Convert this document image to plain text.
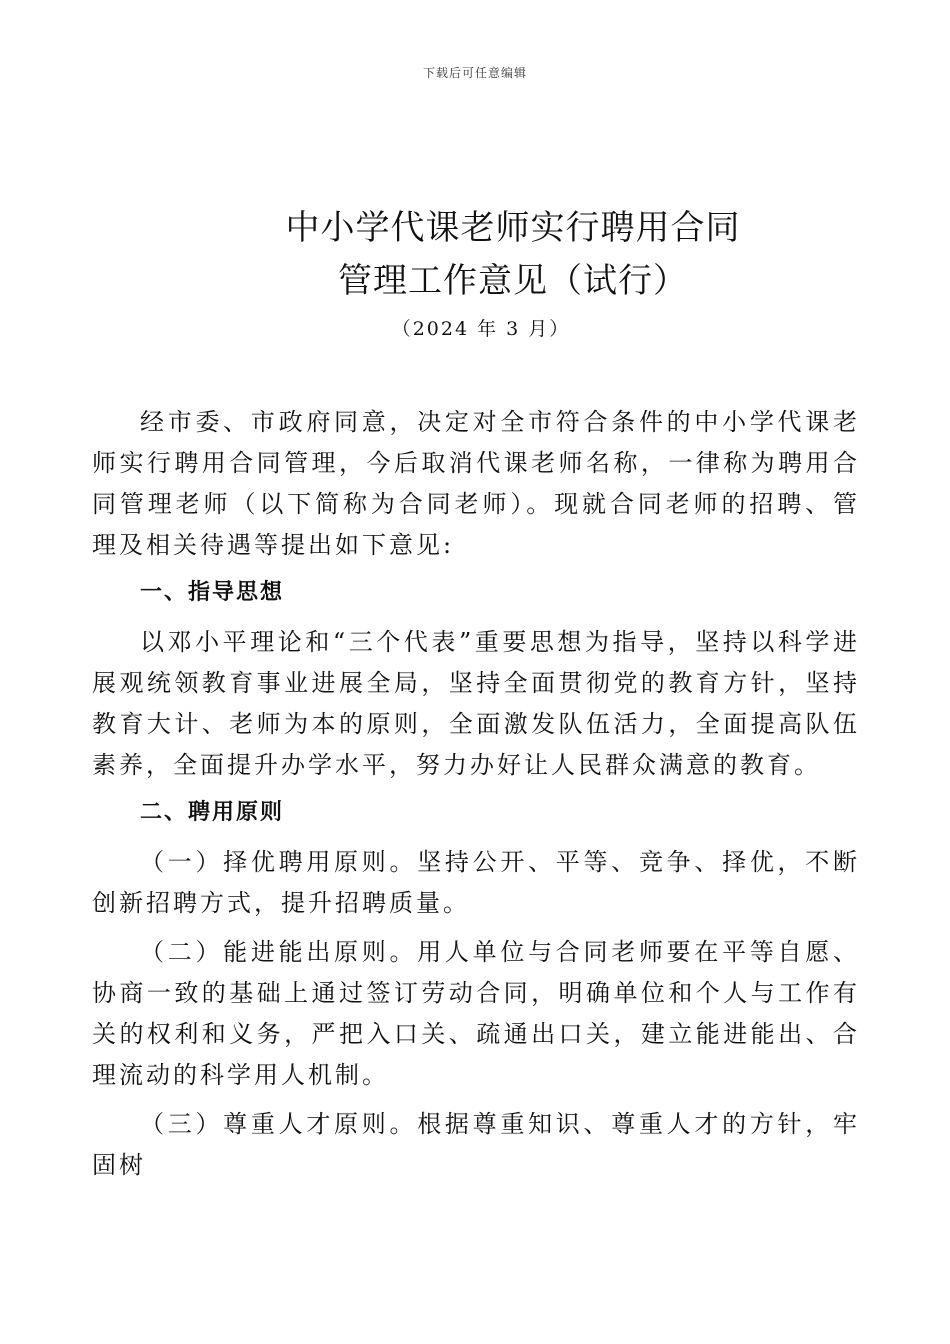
下载后可任意编辑
中小学代课老师实行聘用合同
管理工作意见（试行）
（2024 年 3 月）

经市委、市政府同意，决定对全市符合条件的中小学代课老师实行聘用合同管理，今后取消代课老师名称，一律称为聘用合同管理老师（以下简称为合同老师）。现就合同老师的招聘、管理及相关待遇等提出如下意见:

一、指导思想

以邓小平理论和“三个代表”重要思想为指导，坚持以科学进展观统领教育事业进展全局，坚持全面贯彻党的教育方针，坚持教育大计、老师为本的原则，全面激发队伍活力，全面提高队伍素养，全面提升办学水平，努力办好让人民群众满意的教育。

二、聘用原则

（一）择优聘用原则。坚持公开、平等、竞争、择优，不断创新招聘方式，提升招聘质量。

（二）能进能出原则。用人单位与合同老师要在平等自愿、协商一致的基础上通过签订劳动合同，明确单位和个人与工作有关的权利和义务，严把入口关、疏通出口关，建立能进能出、合理流动的科学用人机制。

（三）尊重人才原则。根据尊重知识、尊重人才的方针，牢固树
